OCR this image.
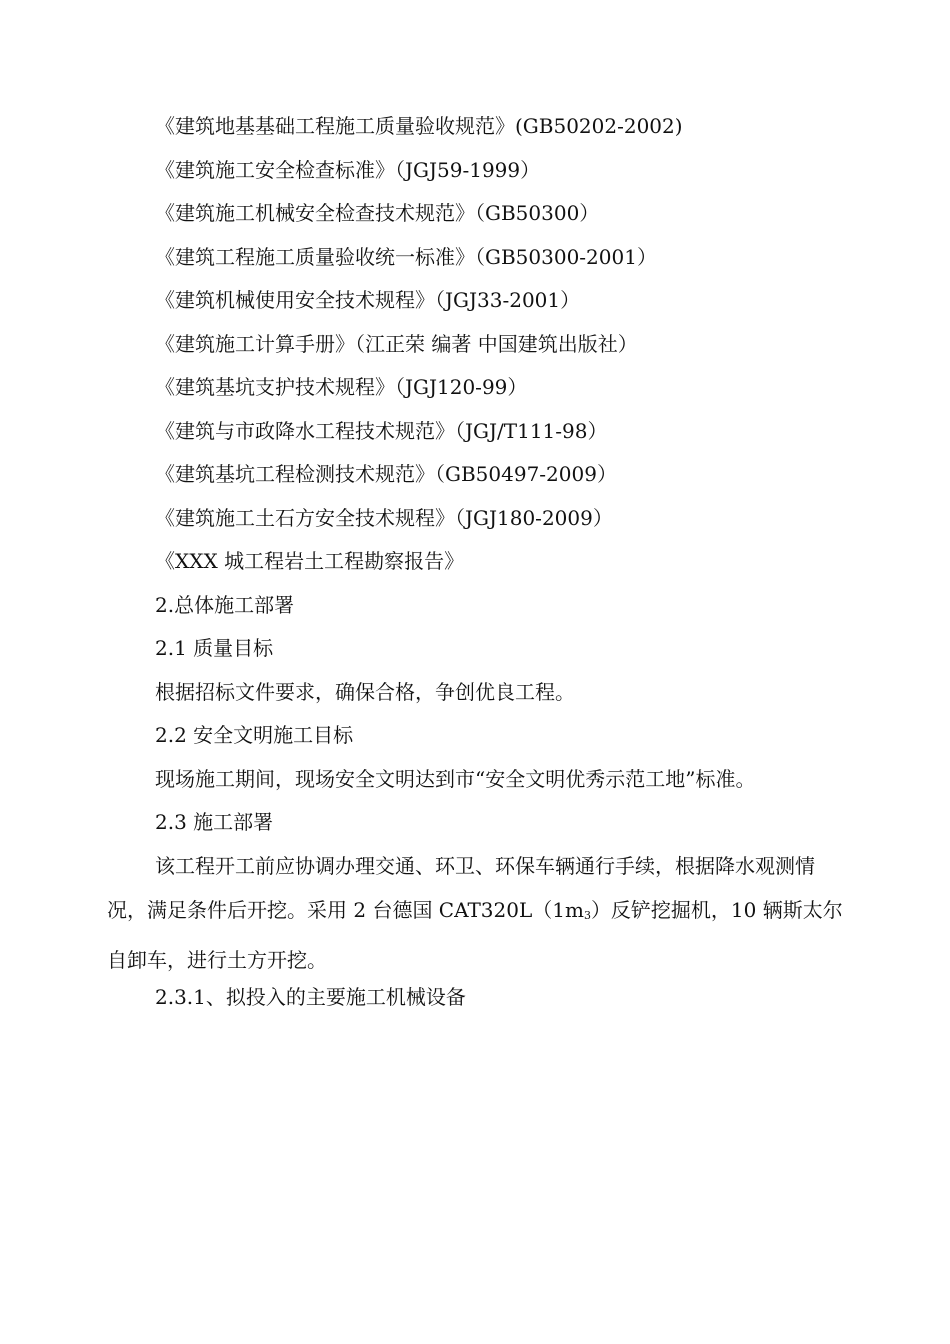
《建筑地基基础工程施工质量验收规范》(GB50202-2002)
《建筑施工安全检查标准》（JGJ59-1999）
《建筑施工机械安全检查技术规范》（GB50300）
《建筑工程施工质量验收统一标准》（GB50300-2001）
《建筑机械使用安全技术规程》（JGJ33-2001）
《建筑施工计算手册》（江正荣 编著 中国建筑出版社）
《建筑基坑支护技术规程》（JGJ120-99）
《建筑与市政降水工程技术规范》（JGJ/T111-98）
《建筑基坑工程检测技术规范》（GB50497-2009）
《建筑施工土石方安全技术规程》（JGJ180-2009）
《XXX 城工程岩土工程勘察报告》
2.总体施工部署
2.1 质量目标
根据招标文件要求，确保合格，争创优良工程。
2.2 安全文明施工目标
现场施工期间，现场安全文明达到市“安全文明优秀示范工地”标准。
2.3 施工部署
该工程开工前应协调办理交通、环卫、环保车辆通行手续，根据降水观测情况，满足条件后开挖。采用 2 台德国 CAT320L（1m3）反铲挖掘机，10 辆斯太尔自卸车，进行土方开挖。
2.3.1、拟投入的主要施工机械设备
